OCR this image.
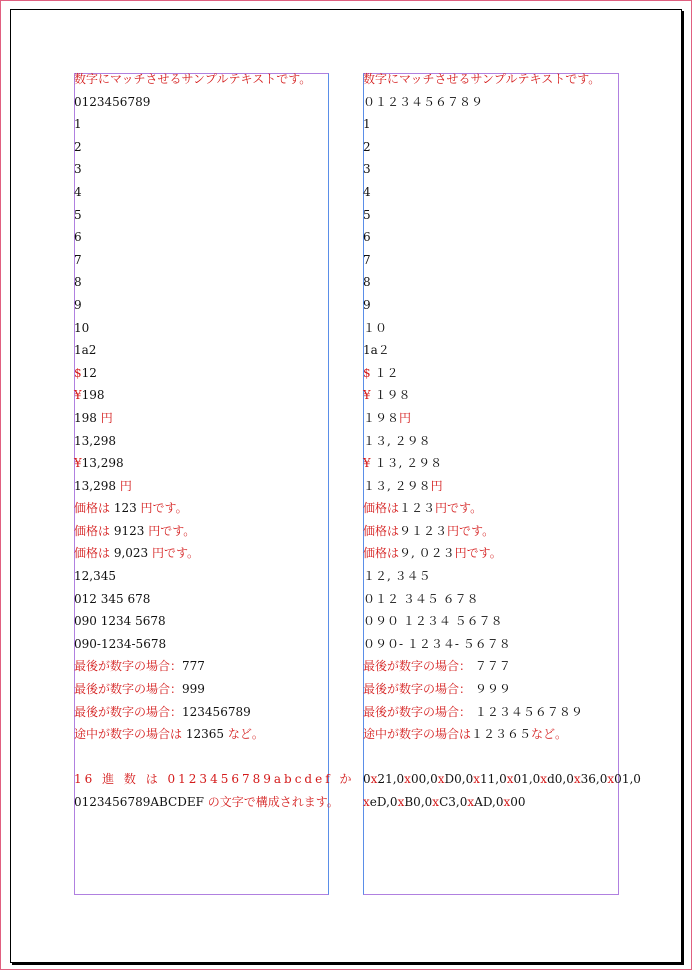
数字にマッチさせるサンプルテキストです。
0123456789
1
2
3
4
5
6
7
8
9
10
1a2
$12
¥198
198 円
13,298
¥13,298
13,298 円
価格は 123 円です。
価格は 9123 円です。
価格は 9,023 円です。
12,345
012 345 678
090 1234 5678
090-1234-5678
最後が数字の場合：777
最後が数字の場合：999
最後が数字の場合：123456789
途中が数字の場合は 12365 など。
16 進 数 は 0123456789abcdef か
0123456789ABCDEF の文字で構成されます。
数字にマッチさせるサンプルテキストです。
０１２３４５６７８９
1
2
3
4
5
6
7
8
9
１０
1a２
$ １２
¥ １９８
１９８円
１３, ２９８
¥ １３, ２９８
１３, ２９８円
価格は１２３円です。
価格は９１２３円です。
価格は９, ０２３円です。
１２, ３４５
０１２ ３４５ ６７８
０９０ １２３４ ５６７８
０９０- １２３４- ５６７８
最後が数字の場合： ７７７
最後が数字の場合： ９９９
最後が数字の場合： １２３４５６７８９
途中が数字の場合は１２３６５など。
0x21,0x00,0xD0,0x11,0x01,0xd0,0x36,0x01,0
xeD,0xB0,0xC3,0xAD,0x00
